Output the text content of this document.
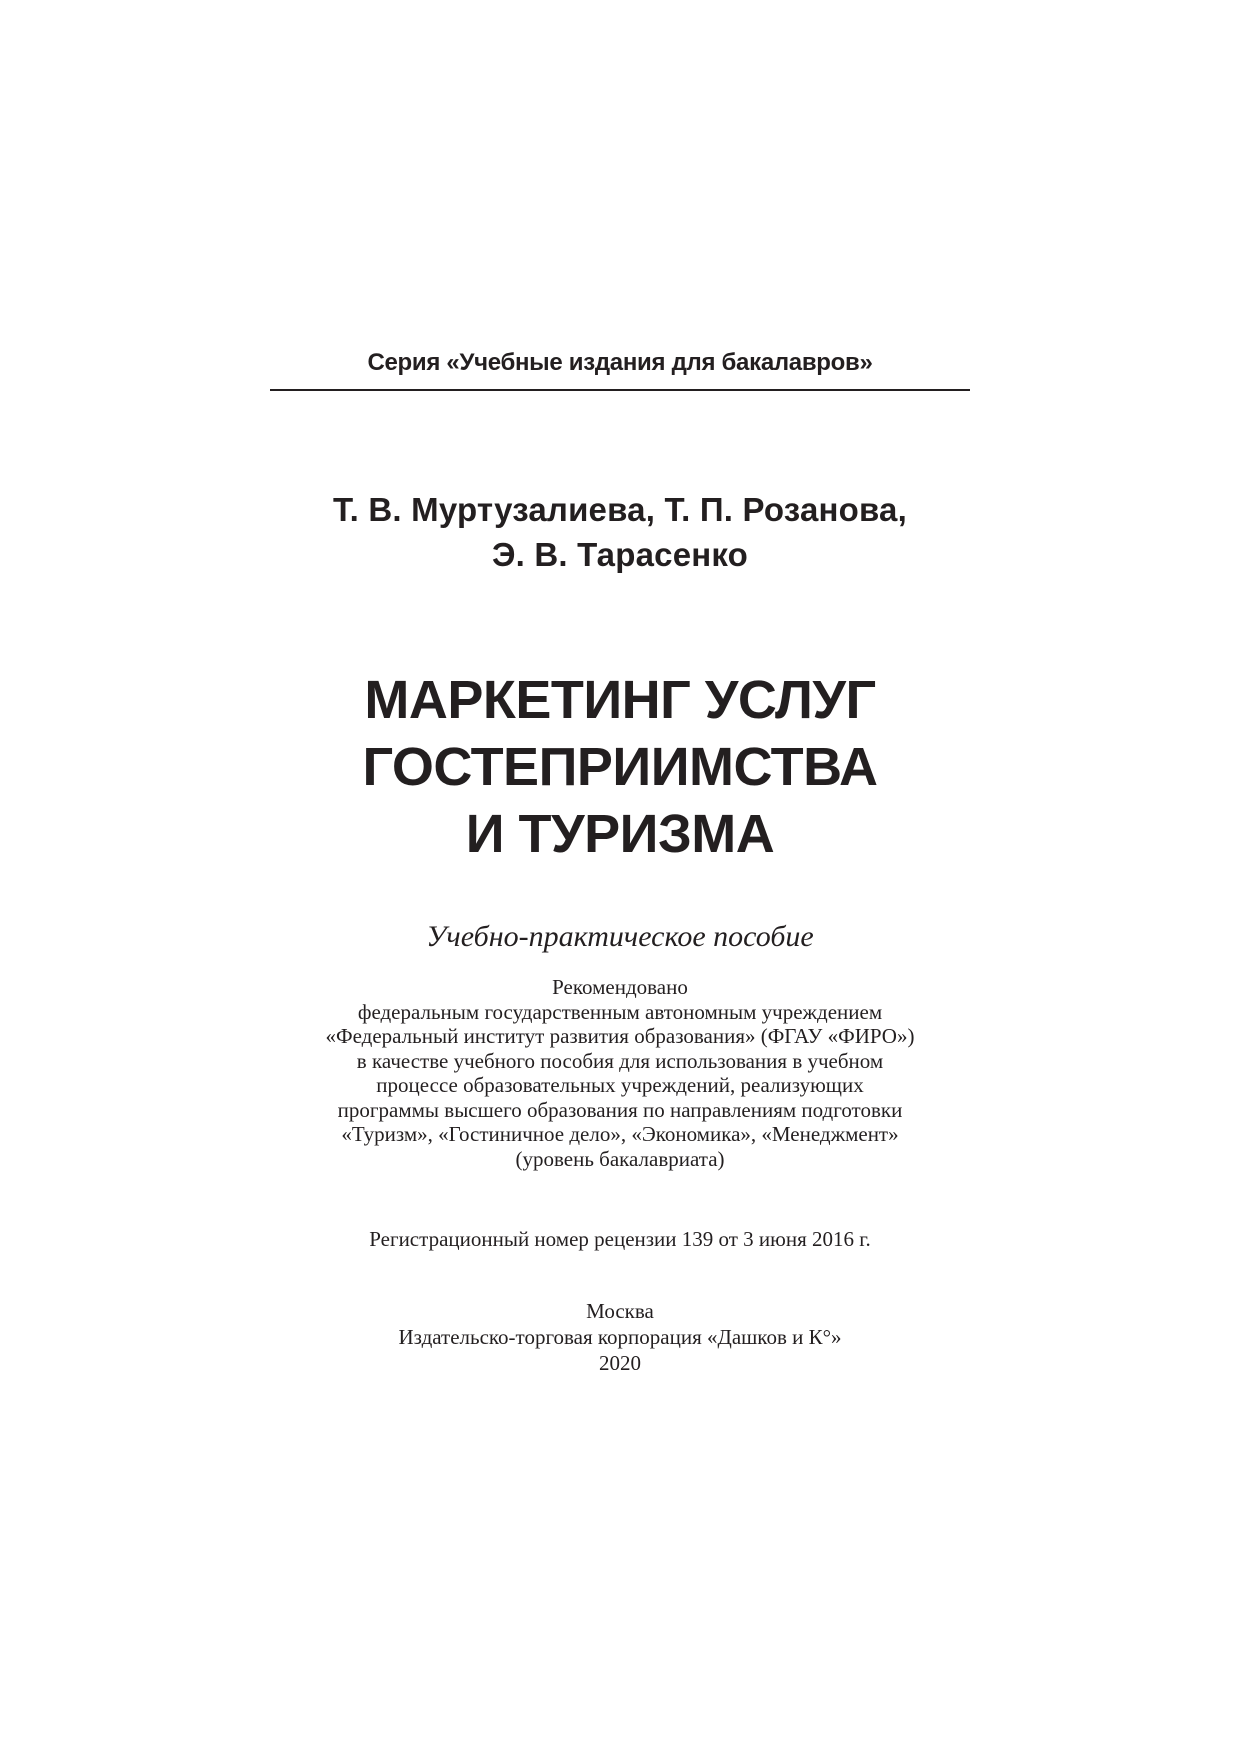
Серия «Учебные издания для бакалавров»
Т. В. Муртузалиева, Т. П. Розанова,
Э. В. Тарасенко
МАРКЕТИНГ УСЛУГ
ГОСТЕПРИИМСТВА
И ТУРИЗМА
Учебно-практическое пособие
Рекомендовано
федеральным государственным автономным учреждением
«Федеральный институт развития образования» (ФГАУ «ФИРО»)
в качестве учебного пособия для использования в учебном
процессе образовательных учреждений, реализующих
программы высшего образования по направлениям подготовки
«Туризм», «Гостиничное дело», «Экономика», «Менеджмент»
(уровень бакалавриата)
Регистрационный номер рецензии 139 от 3 июня 2016 г.
Москва
Издательско-торговая корпорация «Дашков и К°»
2020
